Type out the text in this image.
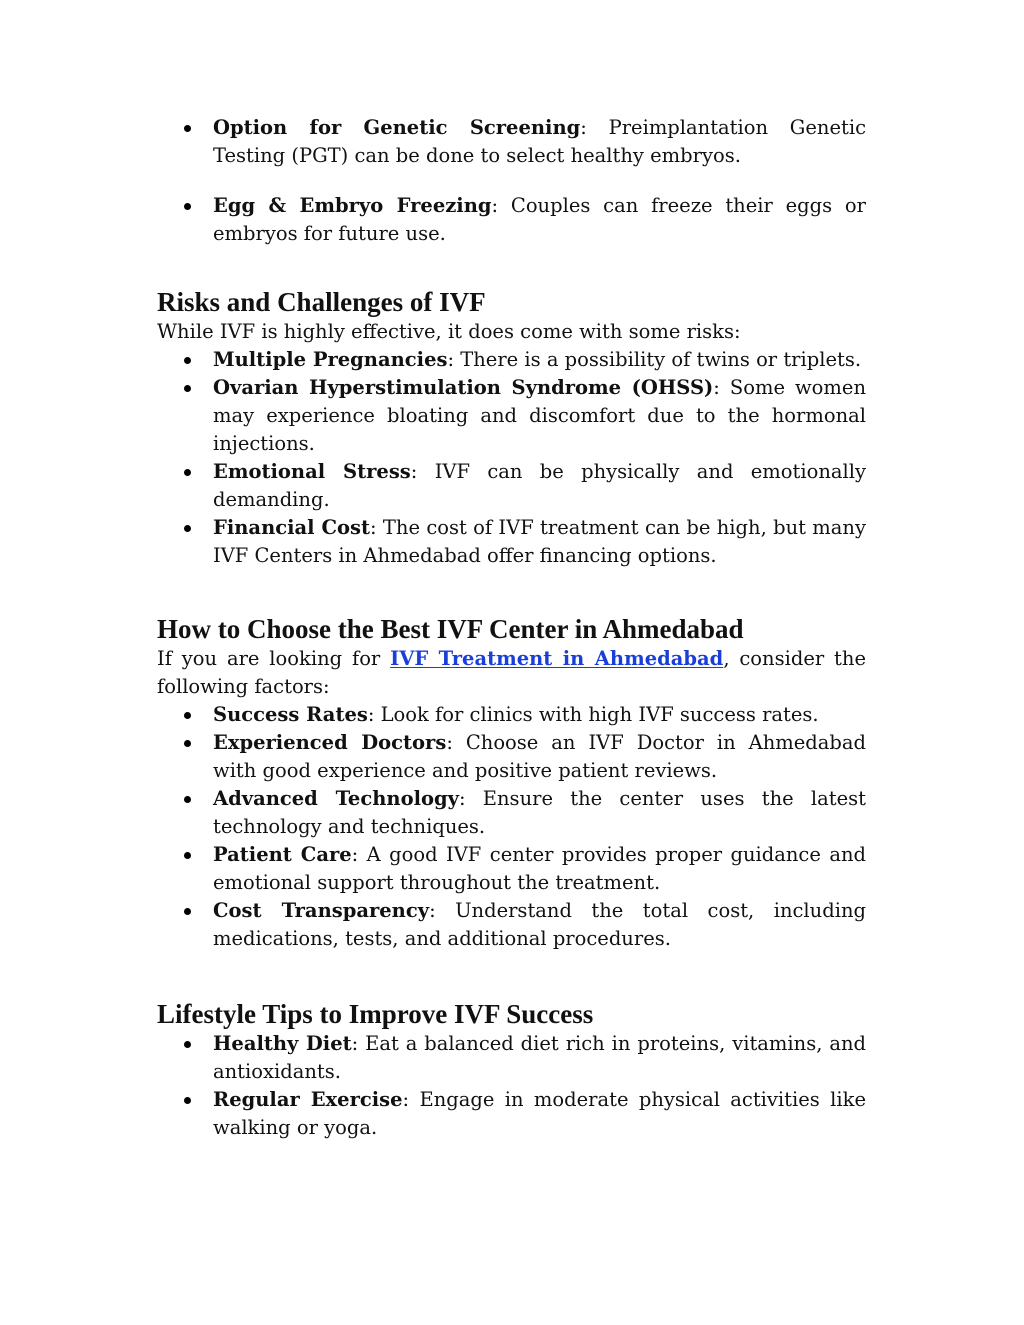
Option for Genetic Screening: Preimplantation Genetic Testing (PGT) can be done to select healthy embryos.
Egg & Embryo Freezing: Couples can freeze their eggs or embryos for future use.
Risks and Challenges of IVF

While IVF is highly effective, it does come with some risks:

Multiple Pregnancies: There is a possibility of twins or triplets.
Ovarian Hyperstimulation Syndrome (OHSS): Some women may experience bloating and discomfort due to the hormonal injections.
Emotional Stress: IVF can be physically and emotionally demanding.
Financial Cost: The cost of IVF treatment can be high, but many IVF Centers in Ahmedabad offer financing options.
How to Choose the Best IVF Center in Ahmedabad

If you are looking for IVF Treatment in Ahmedabad, consider the following factors:

Success Rates: Look for clinics with high IVF success rates.
Experienced Doctors: Choose an IVF Doctor in Ahmedabad with good experience and positive patient reviews.
Advanced Technology: Ensure the center uses the latest technology and techniques.
Patient Care: A good IVF center provides proper guidance and emotional support throughout the treatment.
Cost Transparency: Understand the total cost, including medications, tests, and additional procedures.
Lifestyle Tips to Improve IVF Success
Healthy Diet: Eat a balanced diet rich in proteins, vitamins, and antioxidants.
Regular Exercise: Engage in moderate physical activities like walking or yoga.
